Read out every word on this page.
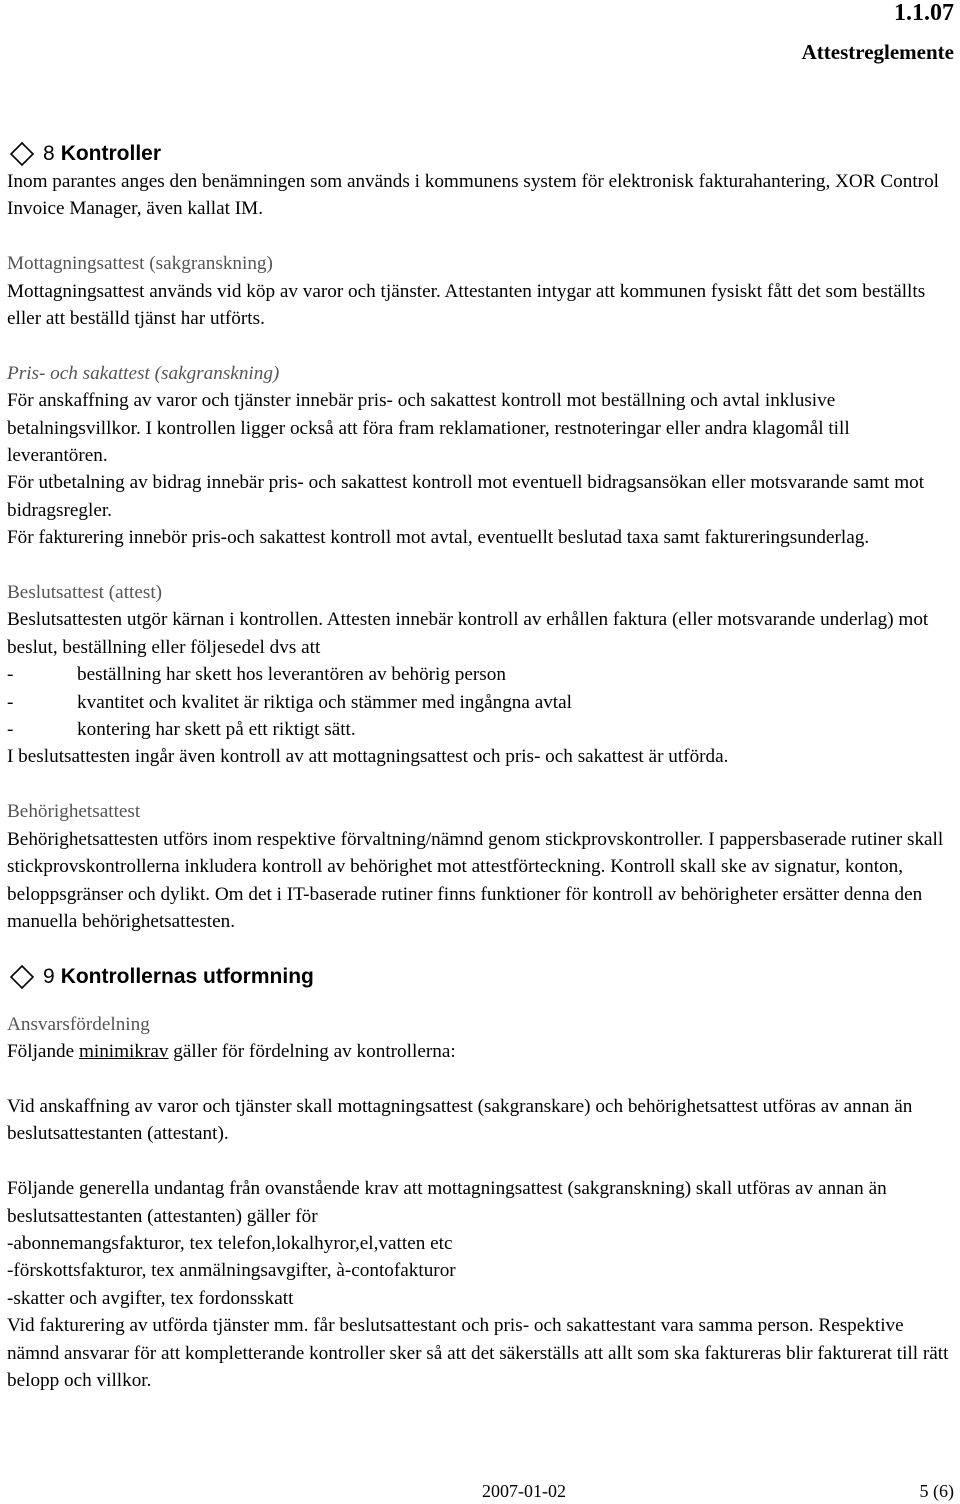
1.1.07
Attestreglemente
8 Kontroller

Inom parantes anges den benämningen som används i kommunens system för elektronisk fakturahantering, XOR Control Invoice Manager, även kallat IM.

Mottagningsattest (sakgranskning)

Mottagningsattest används vid köp av varor och tjänster. Attestanten intygar att kommunen fysiskt fått det som beställts eller att beställd tjänst har utförts.

Pris- och sakattest (sakgranskning)

För anskaffning av varor och tjänster innebär pris- och sakattest kontroll mot beställning och avtal inklusive betalningsvillkor. I kontrollen ligger också att föra fram reklamationer, restnoteringar eller andra klagomål till leverantören.

För utbetalning av bidrag innebär pris- och sakattest kontroll mot eventuell bidragsansökan eller motsvarande samt mot bidragsregler.

För fakturering innebör pris-och sakattest kontroll mot avtal, eventuellt beslutad taxa samt faktureringsunderlag.

Beslutsattest (attest)

Beslutsattesten utgör kärnan i kontrollen. Attesten innebär kontroll av erhållen faktura (eller motsvarande underlag) mot beslut, beställning eller följesedel dvs att

-	beställning har skett hos leverantören av behörig person
-	kvantitet och kvalitet är riktiga och stämmer med ingångna avtal
-	kontering har skett på ett riktigt sätt.

I beslutsattesten ingår även kontroll av att mottagningsattest och pris- och sakattest är utförda.

Behörighetsattest

Behörighetsattesten utförs inom respektive förvaltning/nämnd genom stickprovskontroller. I pappersbaserade rutiner skall stickprovskontrollerna inkludera kontroll av behörighet mot attestförteckning. Kontroll skall ske av signatur, konton, beloppsgränser och dylikt. Om det i IT-baserade rutiner finns funktioner för kontroll av behörigheter ersätter denna den manuella behörighetsattesten.

9 Kontrollernas utformning

Ansvarsfördelning

Följande minimikrav gäller för fördelning av kontrollerna:

Vid anskaffning av varor och tjänster skall mottagningsattest (sakgranskare) och behörighetsattest utföras av annan än beslutsattestanten (attestant).

Följande generella undantag från ovanstående krav att mottagningsattest (sakgranskning) skall utföras av annan än beslutsattestanten (attestanten) gäller för

-abonnemangsfakturor, tex telefon,lokalhyror,el,vatten etc

-förskottsfakturor, tex anmälningsavgifter, à-contofakturor

-skatter och avgifter, tex fordonsskatt

Vid fakturering av utförda tjänster mm. får beslutsattestant och pris- och sakattestant vara samma person. Respektive nämnd ansvarar för att kompletterande kontroller sker så att det säkerställs att allt som ska faktureras blir fakturerat till rätt belopp och villkor.

2007-01-02	5 (6)
